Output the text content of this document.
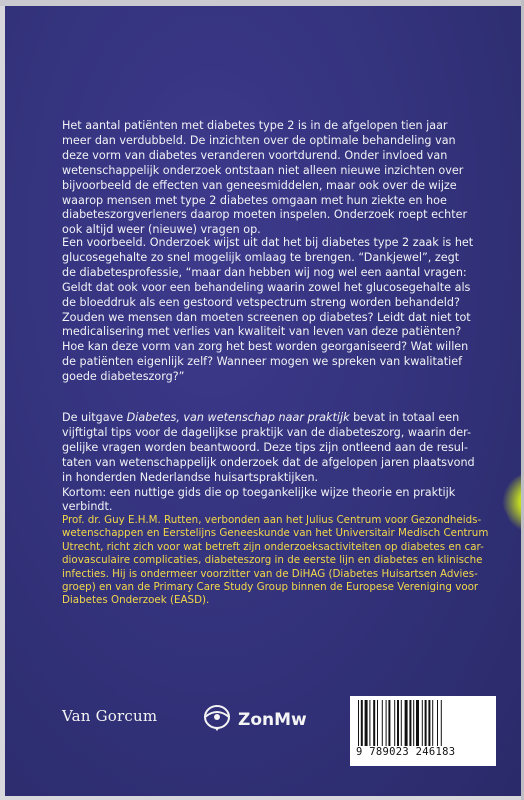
Het aantal patiënten met diabetes type 2 is in de afgelopen tien jaar
meer dan verdubbeld. De inzichten over de optimale behandeling van
deze vorm van diabetes veranderen voortdurend. Onder invloed van
wetenschappelijk onderzoek ontstaan niet alleen nieuwe inzichten over
bijvoorbeeld de effecten van geneesmiddelen, maar ook over de wijze
waarop mensen met type 2 diabetes omgaan met hun ziekte en hoe
diabeteszorgverleners daarop moeten inspelen. Onderzoek roept echter
ook altijd weer (nieuwe) vragen op.
Een voorbeeld. Onderzoek wijst uit dat het bij diabetes type 2 zaak is het
glucosegehalte zo snel mogelijk omlaag te brengen. “Dankjewel”, zegt
de diabetesprofessie, “maar dan hebben wij nog wel een aantal vragen:
Geldt dat ook voor een behandeling waarin zowel het glucosegehalte als
de bloeddruk als een gestoord vetspectrum streng worden behandeld?
Zouden we mensen dan moeten screenen op diabetes? Leidt dat niet tot
medicalisering met verlies van kwaliteit van leven van deze patiënten?
Hoe kan deze vorm van zorg het best worden georganiseerd? Wat willen
de patiënten eigenlijk zelf? Wanneer mogen we spreken van kwalitatief
goede diabeteszorg?”
De uitgave Diabetes, van wetenschap naar praktijk bevat in totaal een
vijftigtal tips voor de dagelijkse praktijk van de diabeteszorg, waarin der-
gelijke vragen worden beantwoord. Deze tips zijn ontleend aan de resul-
taten van wetenschappelijk onderzoek dat de afgelopen jaren plaatsvond
in honderden Nederlandse huisartspraktijken.
Kortom: een nuttige gids die op toegankelijke wijze theorie en praktijk
verbindt.
Prof. dr. Guy E.H.M. Rutten, verbonden aan het Julius Centrum voor Gezondheids-
wetenschappen en Eerstelijns Geneeskunde van het Universitair Medisch Centrum
Utrecht, richt zich voor wat betreft zijn onderzoeksactiviteiten op diabetes en car-
diovasculaire complicaties, diabeteszorg in de eerste lijn en diabetes en klinische
infecties. Hij is ondermeer voorzitter van de DiHAG (Diabetes Huisartsen Advies-
groep) en van de Primary Care Study Group binnen de Europese Vereniging voor
Diabetes Onderzoek (EASD).
Van Gorcum	ZonMw
9 789023 246183
